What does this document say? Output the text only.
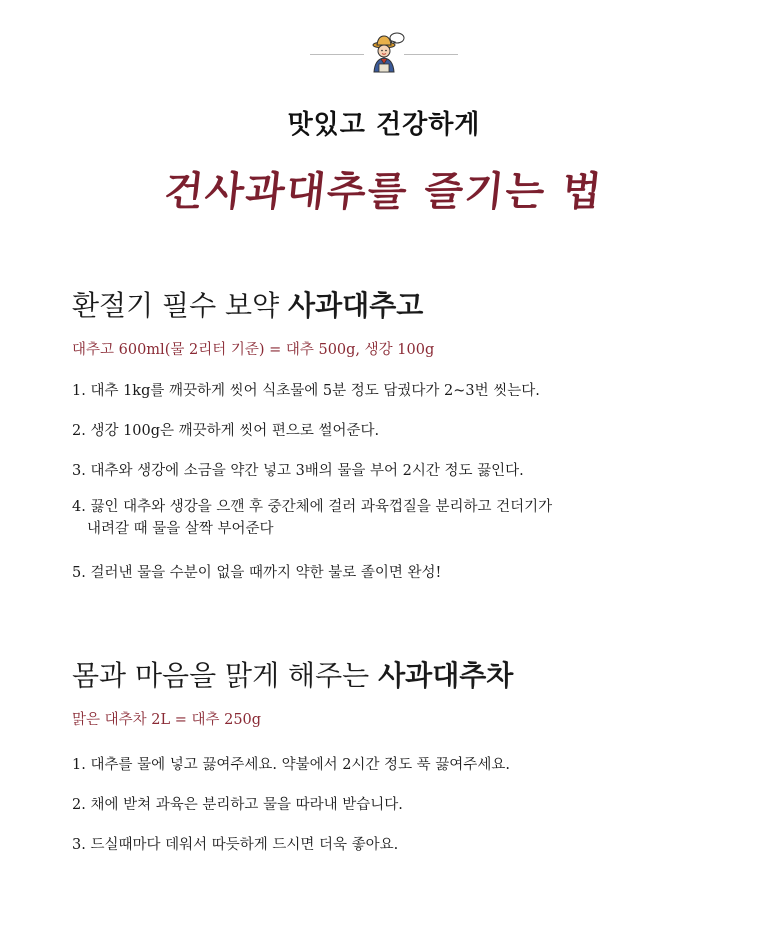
맛있고 건강하게
건사과대추를 즐기는 법
환절기 필수 보약 사과대추고
대추고 600ml(물 2리터 기준) = 대추 500g, 생강 100g
1. 대추 1kg를 깨끗하게 씻어 식초물에 5분 정도 담궜다가 2~3번 씻는다.
2. 생강 100g은 깨끗하게 씻어 편으로 썰어준다.
3. 대추와 생강에 소금을 약간 넣고 3배의 물을 부어 2시간 정도 끓인다.
4. 끓인 대추와 생강을 으깬 후 중간체에 걸러 과육껍질을 분리하고 건더기가
내려갈 때 물을 살짝 부어준다
5. 걸러낸 물을 수분이 없을 때까지 약한 불로 졸이면 완성!
몸과 마음을 맑게 해주는 사과대추차
맑은 대추차 2L = 대추 250g
1. 대추를 물에 넣고 끓여주세요. 약불에서 2시간 정도 푹 끓여주세요.
2. 채에 받쳐 과육은 분리하고 물을 따라내 받습니다.
3. 드실때마다 데워서 따듯하게 드시면 더욱 좋아요.
